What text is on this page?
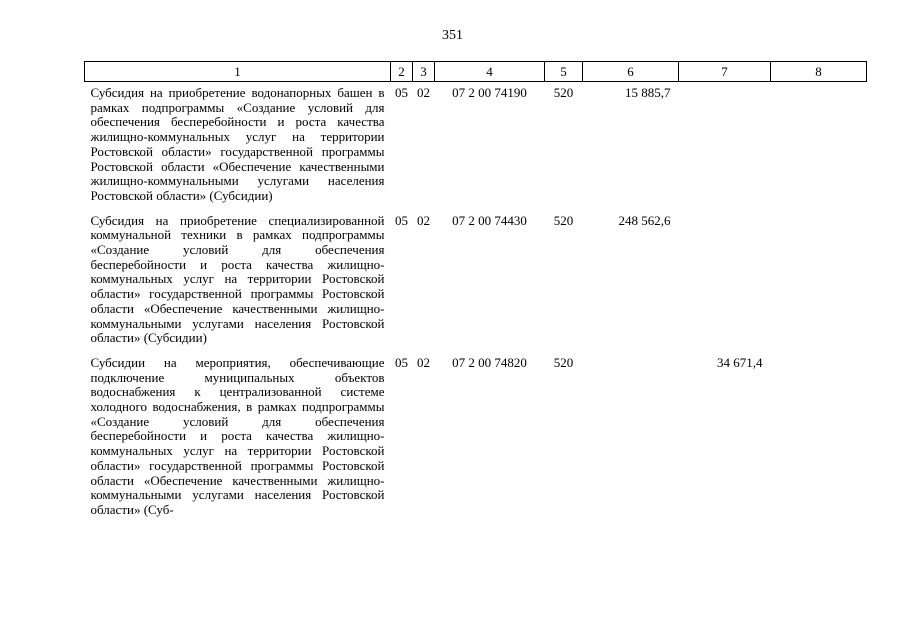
351
1	2	3	4	5	6	7	8
Субсидия на приобретение водонапорных башен в рамках подпрограммы «Создание условий для обеспечения бесперебойности и роста качества жилищно-коммунальных услуг на территории Ростовской области» государственной программы Ростовской области «Обеспечение качественными жилищно-коммунальными услугами населения Ростовской области» (Субсидии)	05	02	07 2 00 74190	520	15 885,7		
Субсидия на приобретение специализированной коммунальной техники в рамках подпрограммы «Создание условий для обеспечения бесперебойности и роста качества жилищно-коммунальных услуг на территории Ростовской области» государственной программы Ростовской области «Обеспечение качественными жилищно-коммунальными услугами населения Ростовской области» (Субсидии)	05	02	07 2 00 74430	520	248 562,6		
Субсидии на мероприятия, обеспечивающие подключение муниципальных объектов водоснабжения к централизованной системе холодного водоснабжения, в рамках подпрограммы «Создание условий для обеспечения бесперебойности и роста качества жилищно-коммунальных услуг на территории Ростовской области» государственной программы Ростовской области «Обеспечение качественными жилищно-коммунальными услугами населения Ростовской области» (Суб-	05	02	07 2 00 74820	520		34 671,4	
